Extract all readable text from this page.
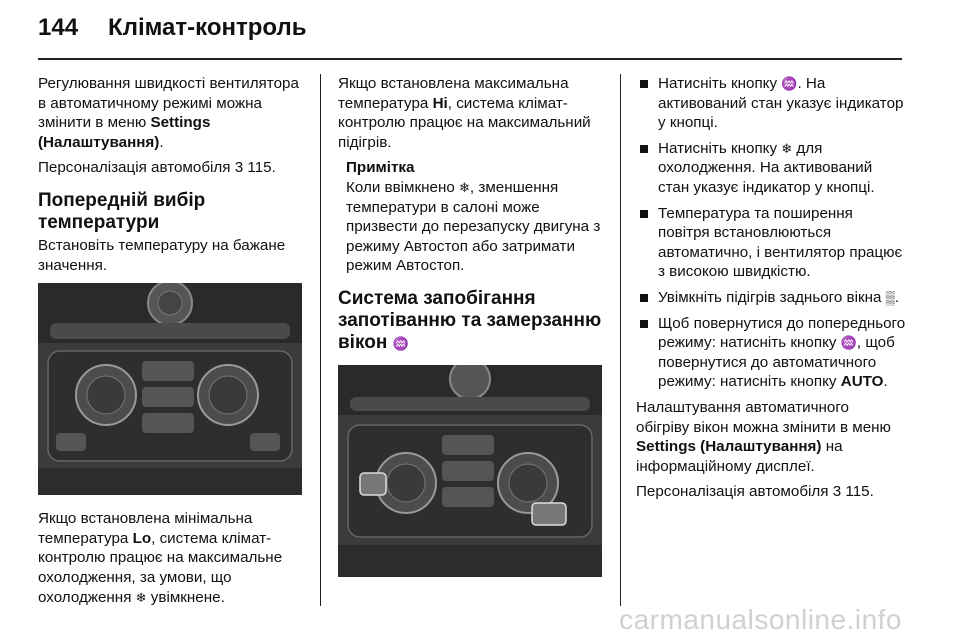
144 Клімат-контроль

Регулювання швидкості вентилятора в автоматичному режимі можна змінити в меню Settings (Налаштування).

Персоналізація автомобіля 3 115.

Попередній вибір температури

Встановіть температуру на бажане значення.

Якщо встановлена мінімальна температура Lo, система клімат-контролю працює на максимальне охолодження, за умови, що охолодження ❄ увімкнене.

Якщо встановлена максимальна температура Hi, система клімат-контролю працює на максимальний підігрів.

Примітка
Коли ввімкнено ❄, зменшення температури в салоні може призвести до перезапуску двигуна з режиму Автостоп або затримати режим Автостоп.
Система запобігання запотіванню та замерзанню вікон ♒
Натисніть кнопку ♒. На активований стан указує індикатор у кнопці.
Натисніть кнопку ❄ для охолодження. На активований стан указує індикатор у кнопці.
Температура та поширення повітря встановлюються автоматично, і вентилятор працює з високою швидкістю.
Увімкніть підігрів заднього вікна ▒.
Щоб повернутися до попереднього режиму: натисніть кнопку ♒, щоб повернутися до автоматичного режиму: натисніть кнопку AUTO.

Налаштування автоматичного обігріву вікон можна змінити в меню Settings (Налаштування) на інформаційному дисплеї.

Персоналізація автомобіля 3 115.

carmanualsonline.info
